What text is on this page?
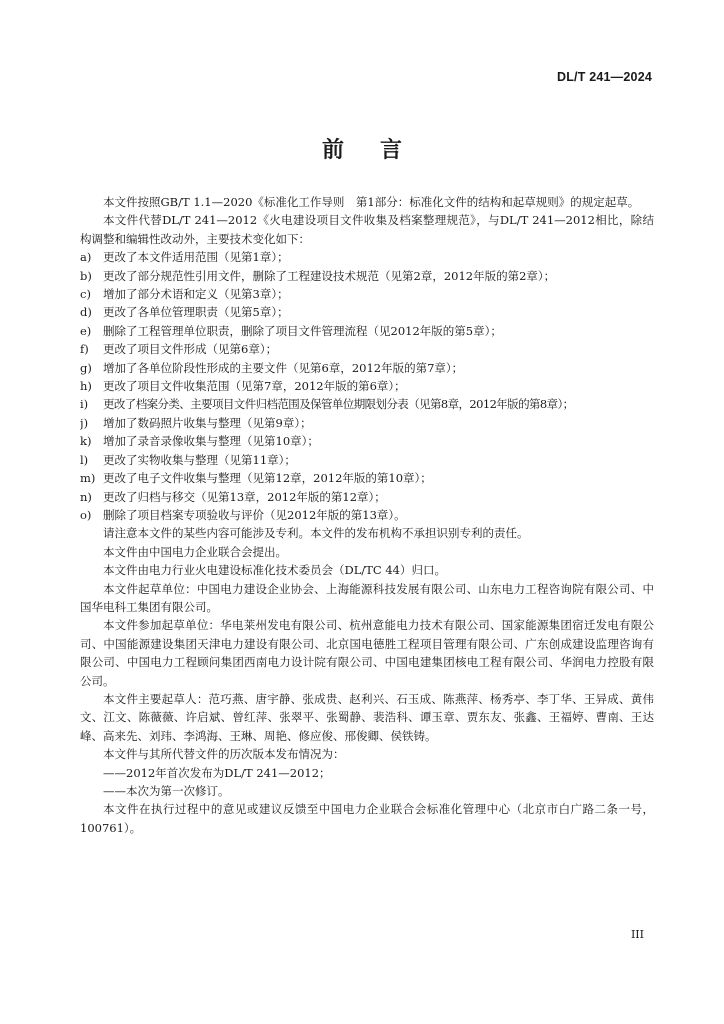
DL/T 241—2024
前言

本文件按照GB/T 1.1—2020《标准化工作导则　第1部分：标准化文件的结构和起草规则》的规定起草。

本文件代替DL/T 241—2012《火电建设项目文件收集及档案整理规范》，与DL/T 241—2012相比，除结构调整和编辑性改动外，主要技术变化如下：

a)	更改了本文件适用范围（见第1章）；
b) 更改了部分规范性引用文件，删除了工程建设技术规范（见第2章，2012年版的第2章）；
c)	增加了部分术语和定义（见第3章）；
d) 更改了各单位管理职责（见第5章）；
e)	删除了工程管理单位职责，删除了项目文件管理流程（见2012年版的第5章）；
f)	更改了项目文件形成（见第6章）；
g) 增加了各单位阶段性形成的主要文件（见第6章，2012年版的第7章）；
h) 更改了项目文件收集范围（见第7章，2012年版的第6章）；
i)	更改了档案分类、主要项目文件归档范围及保管单位期限划分表（见第8章，2012年版的第8章）；
j)	增加了数码照片收集与整理（见第9章）；
k)	增加了录音录像收集与整理（见第10章）；
l)	更改了实物收集与整理（见第11章）；
m) 更改了电子文件收集与整理（见第12章，2012年版的第10章）；
n) 更改了归档与移交（见第13章，2012年版的第12章）；
o)	删除了项目档案专项验收与评价（见2012年版的第13章）。

请注意本文件的某些内容可能涉及专利。本文件的发布机构不承担识别专利的责任。

本文件由中国电力企业联合会提出。

本文件由电力行业火电建设标准化技术委员会（DL/TC 44）归口。

本文件起草单位：中国电力建设企业协会、上海能源科技发展有限公司、山东电力工程咨询院有限公司、中国华电科工集团有限公司。

本文件参加起草单位：华电莱州发电有限公司、杭州意能电力技术有限公司、国家能源集团宿迁发电有限公司、中国能源建设集团天津电力建设有限公司、北京国电德胜工程项目管理有限公司、广东创成建设监理咨询有限公司、中国电力工程顾问集团西南电力设计院有限公司、中国电建集团核电工程有限公司、华润电力控股有限公司。

本文件主要起草人：范巧燕、唐宇静、张成贵、赵利兴、石玉成、陈燕萍、杨秀亭、李丁华、王异成、黄伟文、江文、陈薇薇、许启斌、曾红萍、张翠平、张蜀静、裴浩科、谭玉章、贾东友、张鑫、王福婷、曹南、王达峰、高来先、刘玮、李鸿海、王琳、周艳、修应俊、邢俊卿、侯铁铸。

本文件与其所代替文件的历次版本发布情况为：

——2012年首次发布为DL/T 241—2012；

——本次为第一次修订。

本文件在执行过程中的意见或建议反馈至中国电力企业联合会标准化管理中心（北京市白广路二条一号，100761）。

III
